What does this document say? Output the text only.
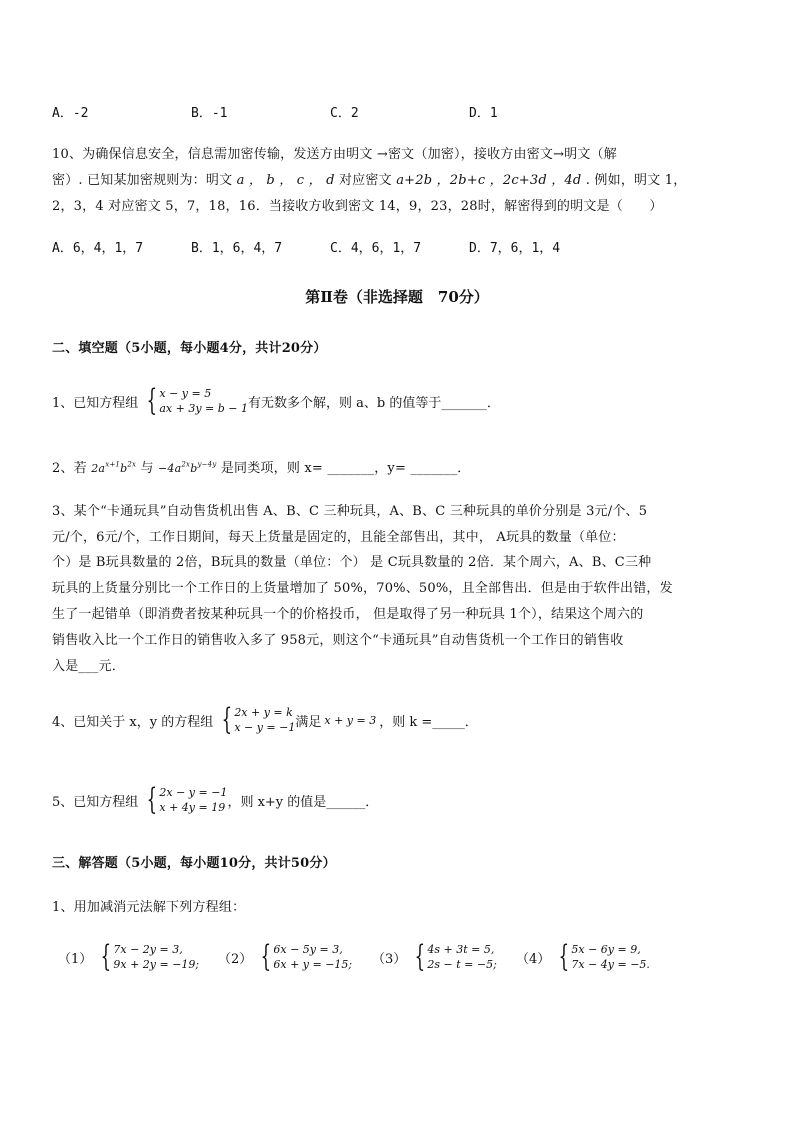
A．-2	B．-1	C．2	D．1
10、为确保信息安全，信息需加密传输，发送方由明文 →密文（加密），接收方由密文→明文（解
密）. 已知某加密规则为：明文 a ， b ， c ， d 对应密文 a+2b ，2b+c ，2c+3d ，4d . 例如，明文 1，
2，3，4 对应密文 5，7，18，16．当接收方收到密文 14，9，23，28时，解密得到的明文是（　　）
A．6，4，1，7	B．1，6，4，7	C．4，6，1，7	D．7，6，1，4
第Ⅱ卷（非选择题　70分）
二、填空题（5小题，每小题4分，共计20分）
1、已知方程组 { x − y = 5
ax + 3y = b − 1 有无数多个解，则 a、b 的值等于_______．
2、若 $2a^{x+1}b^{2x}$ 与 $-4a^{2x}b^{y-4y}$ 是同类项，则 x= _______，y= _______．
3、某个“卡通玩具”自动售货机出售 A、B、C 三种玩具，A、B、C 三种玩具的单价分别是 3元/个、5
元/个，6元/个，工作日期间，每天上货量是固定的，且能全部售出，其中， A玩具的数量（单位：
个）是 B玩具数量的 2倍，B玩具的数量（单位：个） 是 C玩具数量的 2倍．某个周六，A、B、C三种
玩具的上货量分别比一个工作日的上货量增加了 50%，70%、50%，且全部售出．但是由于软件出错，发
生了一起错单（即消费者按某种玩具一个的价格投币， 但是取得了另一种玩具 1个），结果这个周六的
销售收入比一个工作日的销售收入多了 958元，则这个“卡通玩具”自动售货机一个工作日的销售收
入是___元．
4、已知关于 x，y 的方程组 { 2x + y = k
x − y = −1 满足 x + y = 3 ，则 k =_____．
5、已知方程组 { 2x − y = −1
x + 4y = 19 ，则 x+y 的值是______．
三、解答题（5小题，每小题10分，共计50分）
1、用加减消元法解下列方程组：
（1） { 7x − 2y = 3,
9x + 2y = −19; （2） { 6x − 5y = 3,
6x + y = −15; （3） { 4s + 3t = 5,
2s − t = −5; （4） { 5x − 6y = 9,
7x − 4y = −5.
